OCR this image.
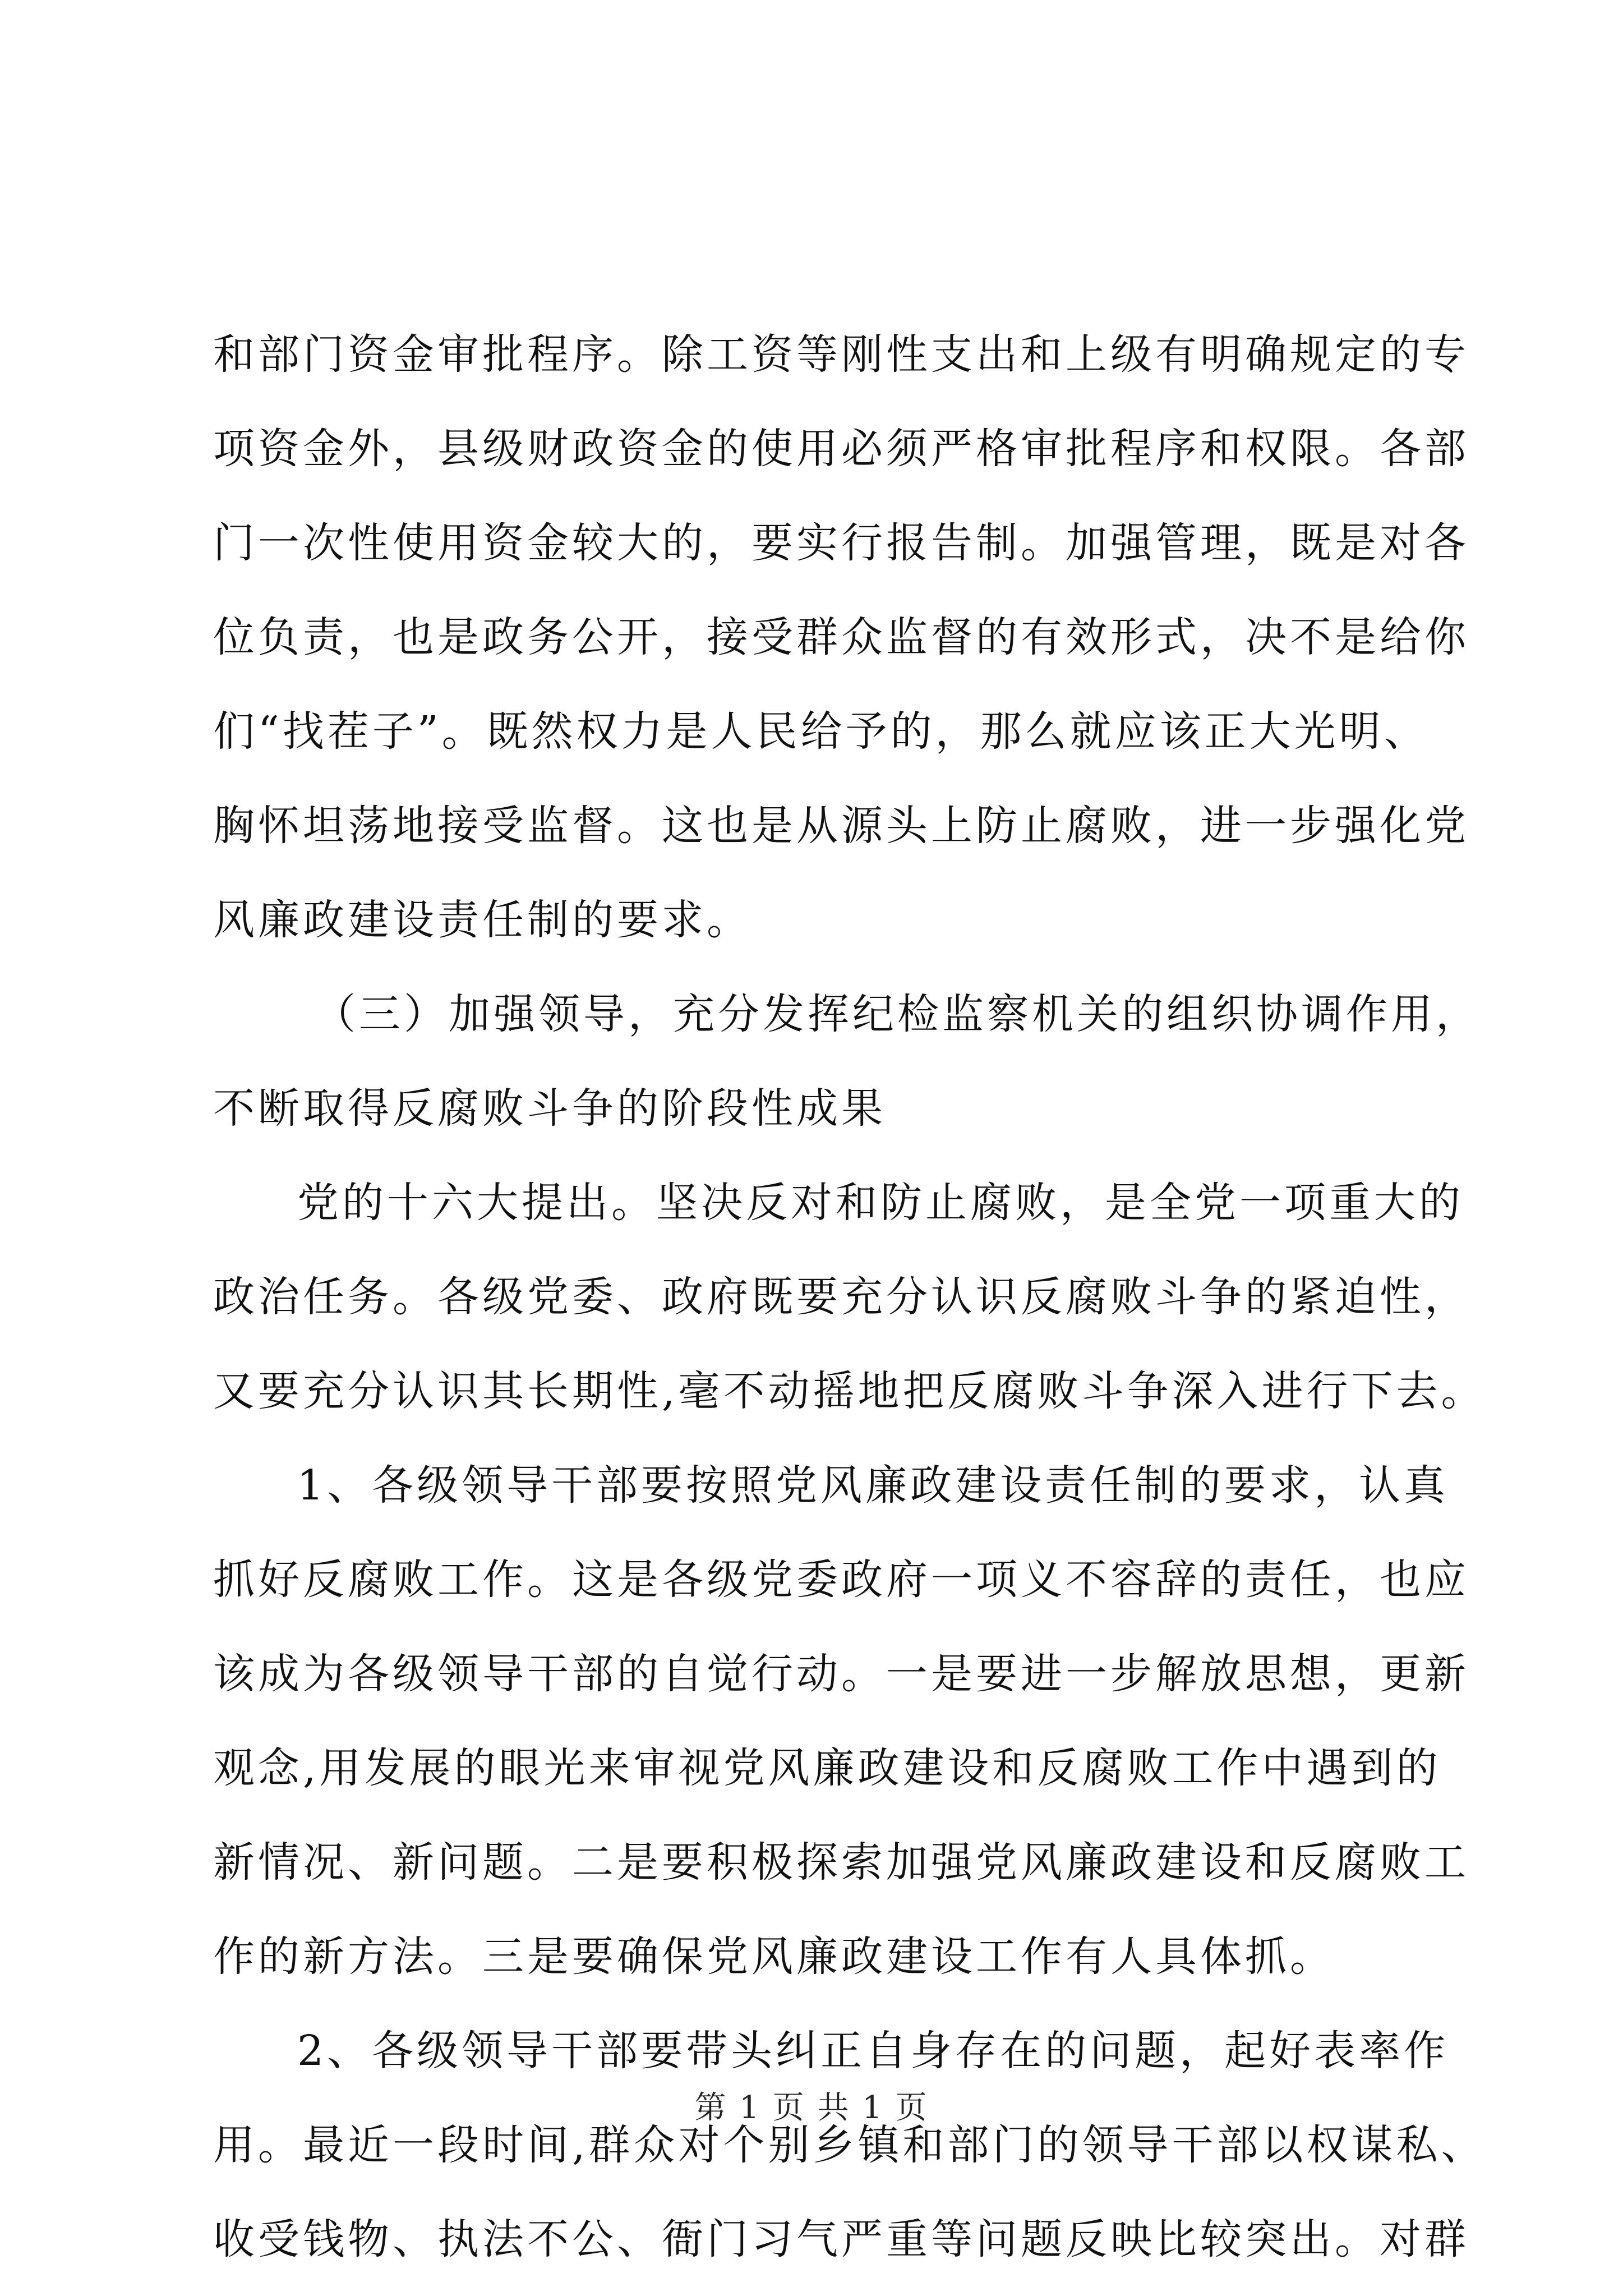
和部门资金审批程序。除工资等刚性支出和上级有明确规定的专
项资金外，县级财政资金的使用必须严格审批程序和权限。各部
门一次性使用资金较大的，要实行报告制。加强管理，既是对各
位负责，也是政务公开，接受群众监督的有效形式，决不是给你
们“找茬子”。既然权力是人民给予的，那么就应该正大光明、
胸怀坦荡地接受监督。这也是从源头上防止腐败，进一步强化党
风廉政建设责任制的要求。
（三）加强领导，充分发挥纪检监察机关的组织协调作用，
不断取得反腐败斗争的阶段性成果
党的十六大提出。坚决反对和防止腐败，是全党一项重大的
政治任务。各级党委、政府既要充分认识反腐败斗争的紧迫性，
又要充分认识其长期性,毫不动摇地把反腐败斗争深入进行下去。
1、各级领导干部要按照党风廉政建设责任制的要求，认真
抓好反腐败工作。这是各级党委政府一项义不容辞的责任，也应
该成为各级领导干部的自觉行动。一是要进一步解放思想，更新
观念,用发展的眼光来审视党风廉政建设和反腐败工作中遇到的
新情况、新问题。二是要积极探索加强党风廉政建设和反腐败工
作的新方法。三是要确保党风廉政建设工作有人具体抓。
2、各级领导干部要带头纠正自身存在的问题，起好表率作
用。最近一段时间,群众对个别乡镇和部门的领导干部以权谋私、
收受钱物、执法不公、衙门习气严重等问题反映比较突出。对群
第 1 页 共 1 页
